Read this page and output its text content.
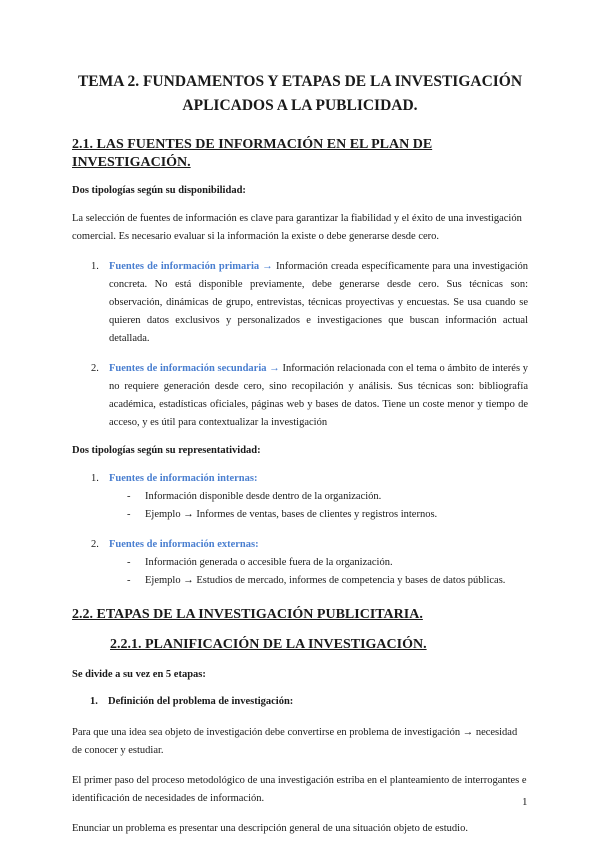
TEMA 2. FUNDAMENTOS Y ETAPAS DE LA INVESTIGACIÓN
APLICADOS A LA PUBLICIDAD.
2.1. LAS FUENTES DE INFORMACIÓN EN EL PLAN DE INVESTIGACIÓN.
Dos tipologías según su disponibilidad:

La selección de fuentes de información es clave para garantizar la fiabilidad y el éxito de una investigación comercial. Es necesario evaluar si la información la existe o debe generarse desde cero.

1. Fuentes de información primaria → Información creada específicamente para una investigación concreta. No está disponible previamente, debe generarse desde cero. Sus técnicas son: observación, dinámicas de grupo, entrevistas, técnicas proyectivas y encuestas. Se usa cuando se quieren datos exclusivos y personalizados e investigaciones que buscan información actual detallada.
2. Fuentes de información secundaria → Información relacionada con el tema o ámbito de interés y no requiere generación desde cero, sino recopilación y análisis. Sus técnicas son: bibliografía académica, estadísticas oficiales, páginas web y bases de datos. Tiene un coste menor y tiempo de acceso, y es útil para contextualizar la investigación
Dos tipologías según su representatividad:
1. Fuentes de información internas:
- Información disponible desde dentro de la organización.
- Ejemplo → Informes de ventas, bases de clientes y registros internos.
2. Fuentes de información externas:
- Información generada o accesible fuera de la organización.
- Ejemplo → Estudios de mercado, informes de competencia y bases de datos públicas.
2.2. ETAPAS DE LA INVESTIGACIÓN PUBLICITARIA.
2.2.1. PLANIFICACIÓN DE LA INVESTIGACIÓN.
Se divide a su vez en 5 etapas:
1. Definición del problema de investigación:

Para que una idea sea objeto de investigación debe convertirse en problema de investigación → necesidad de conocer y estudiar.

El primer paso del proceso metodológico de una investigación estriba en el planteamiento de interrogantes e identificación de necesidades de información.

Enunciar un problema es presentar una descripción general de una situación objeto de estudio.

1
